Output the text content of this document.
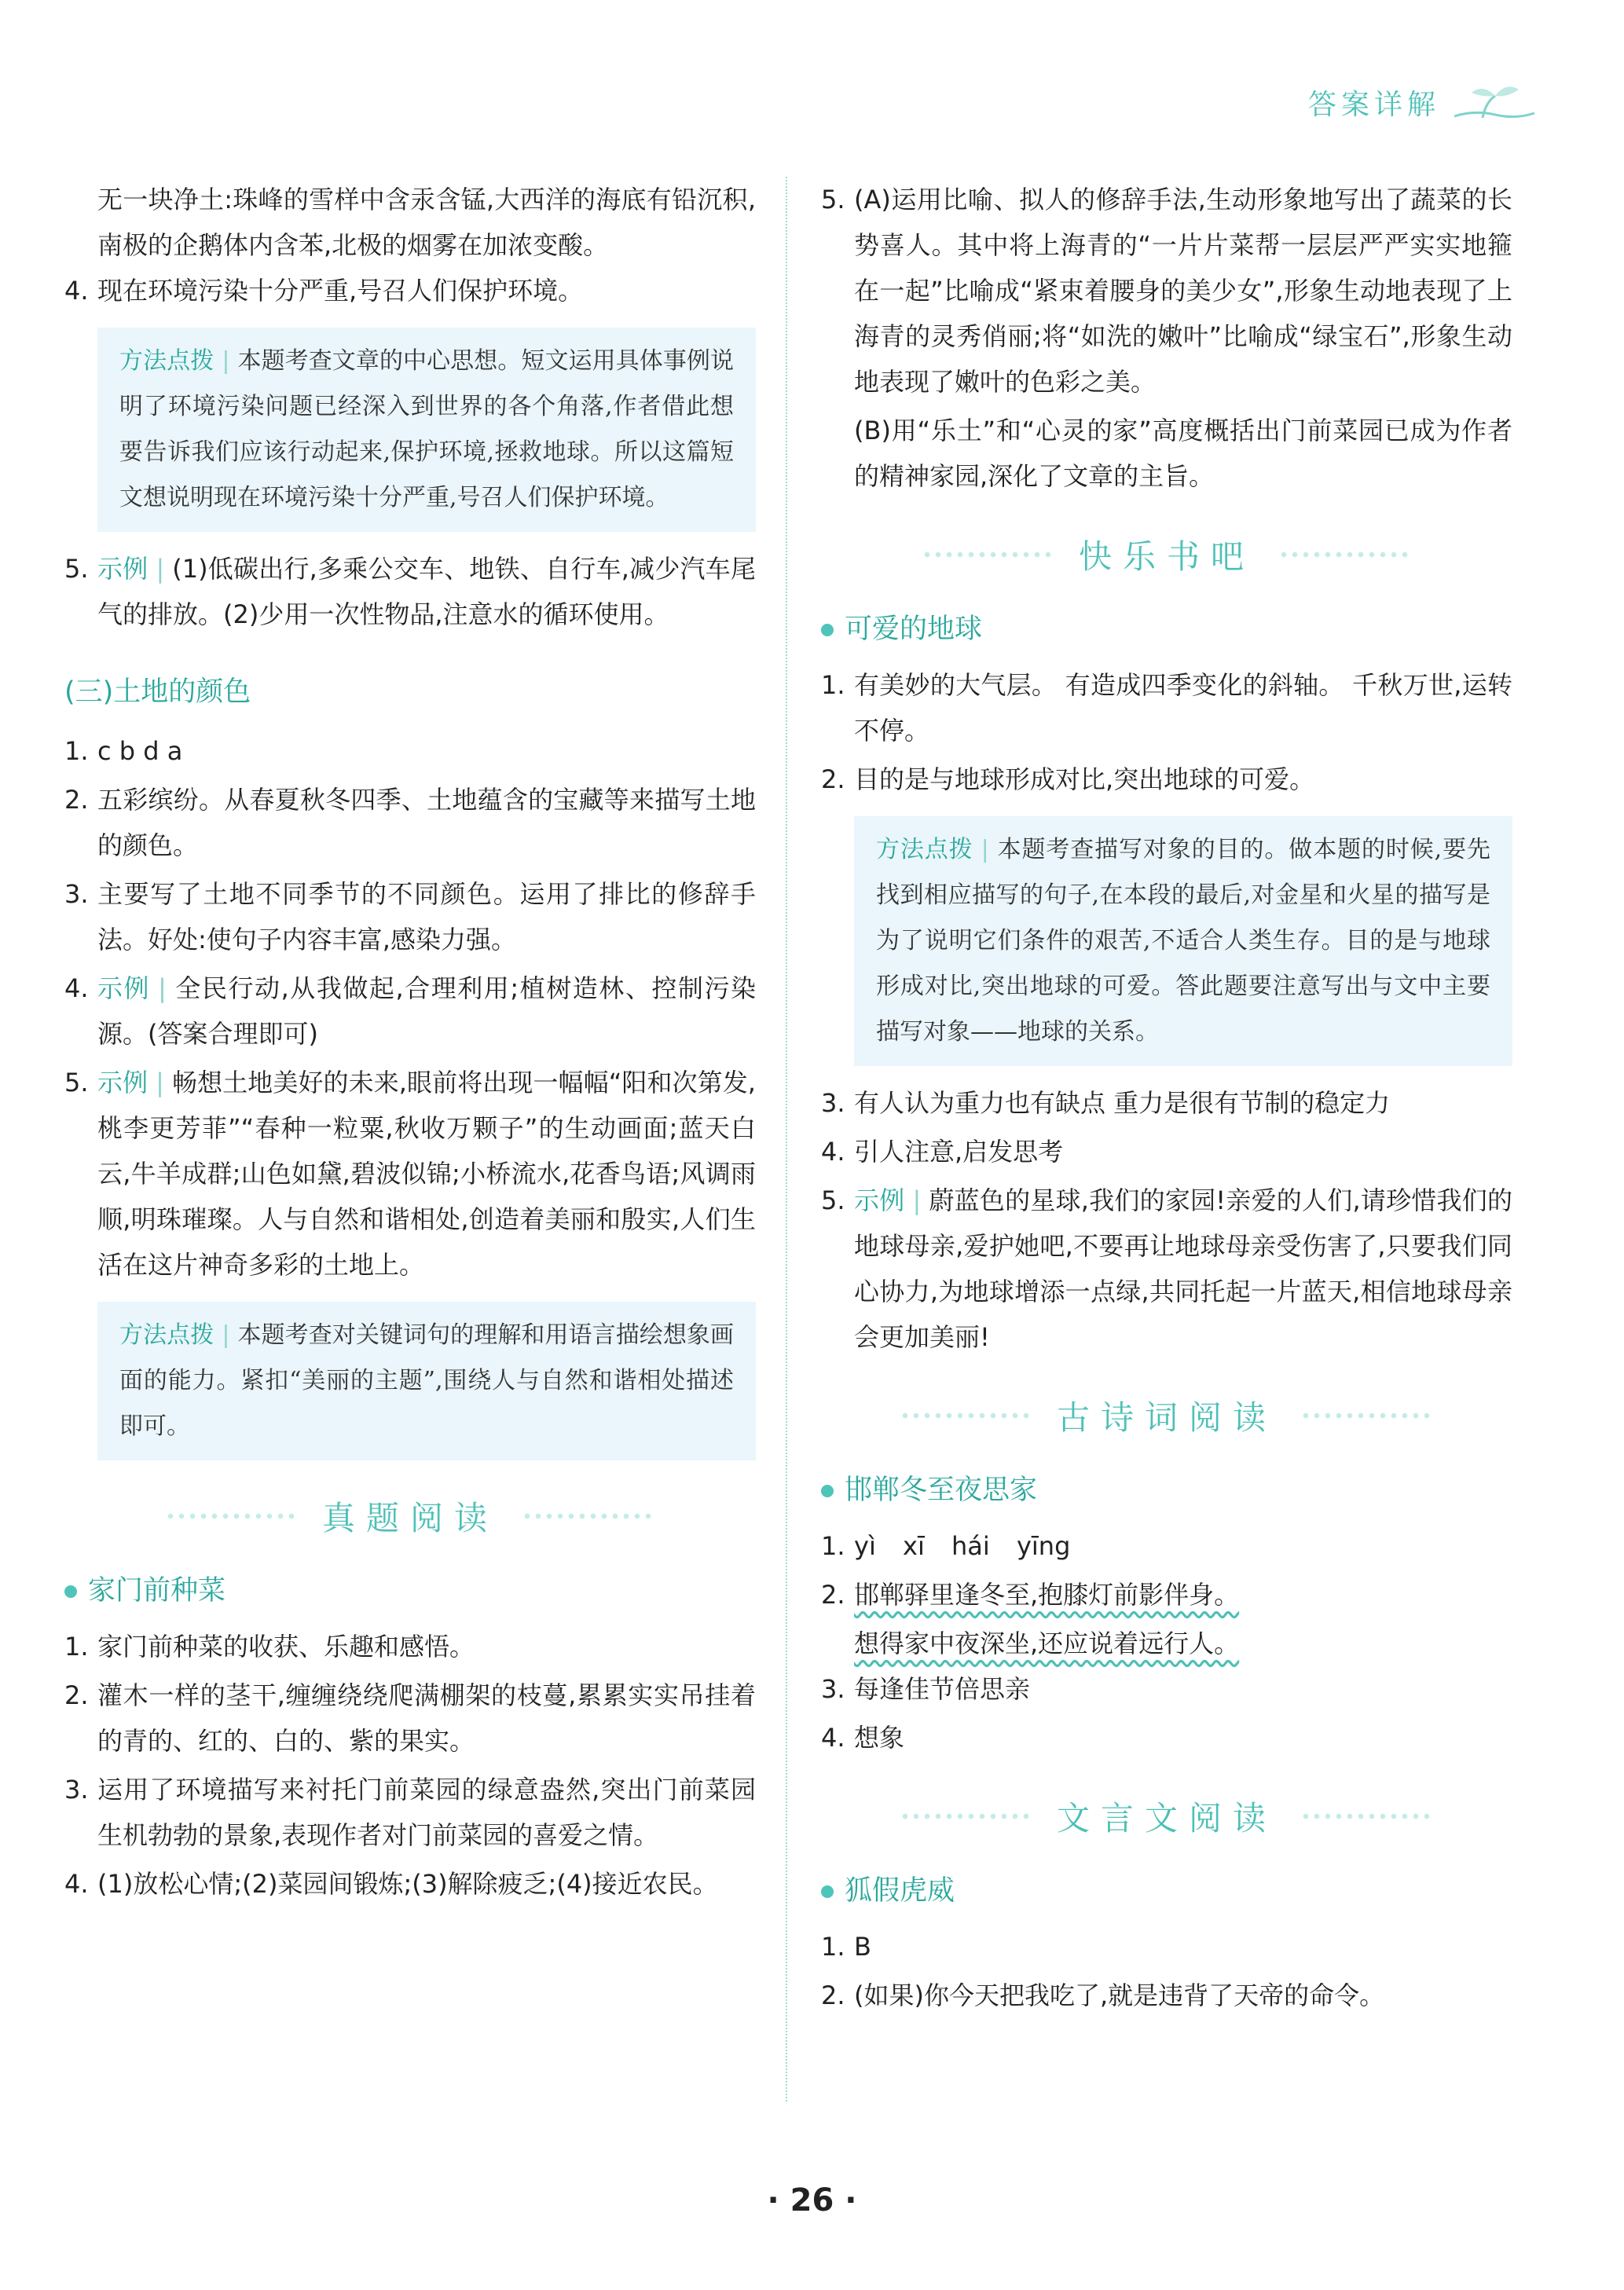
答案详解
无一块净土:珠峰的雪样中含汞含锰,大西洋的海底有铅沉积,南极的企鹅体内含苯,北极的烟雾在加浓变酸。
4. 现在环境污染十分严重,号召人们保护环境。
方法点拨 | 本题考查文章的中心思想。短文运用具体事例说明了环境污染问题已经深入到世界的各个角落,作者借此想要告诉我们应该行动起来,保护环境,拯救地球。所以这篇短文想说明现在环境污染十分严重,号召人们保护环境。
5. 示例 | (1)低碳出行,多乘公交车、地铁、自行车,减少汽车尾气的排放。(2)少用一次性物品,注意水的循环使用。
(三)土地的颜色
1. c b d a
2. 五彩缤纷。从春夏秋冬四季、土地蕴含的宝藏等来描写土地的颜色。
3. 主要写了土地不同季节的不同颜色。运用了排比的修辞手法。好处:使句子内容丰富,感染力强。
4. 示例 | 全民行动,从我做起,合理利用;植树造林、控制污染源。(答案合理即可)
5. 示例 | 畅想土地美好的未来,眼前将出现一幅幅“阳和次第发,桃李更芳菲”“春种一粒粟,秋收万颗子”的生动画面;蓝天白云,牛羊成群;山色如黛,碧波似锦;小桥流水,花香鸟语;风调雨顺,明珠璀璨。人与自然和谐相处,创造着美丽和殷实,人们生活在这片神奇多彩的土地上。
方法点拨 | 本题考查对关键词句的理解和用语言描绘想象画面的能力。紧扣“美丽的主题”,围绕人与自然和谐相处描述即可。
真题阅读
家门前种菜
1. 家门前种菜的收获、乐趣和感悟。
2. 灌木一样的茎干,缠缠绕绕爬满棚架的枝蔓,累累实实吊挂着的青的、红的、白的、紫的果实。
3. 运用了环境描写来衬托门前菜园的绿意盎然,突出门前菜园生机勃勃的景象,表现作者对门前菜园的喜爱之情。
4. (1)放松心情;(2)菜园间锻炼;(3)解除疲乏;(4)接近农民。
5. (A)运用比喻、拟人的修辞手法,生动形象地写出了蔬菜的长势喜人。其中将上海青的“一片片菜帮一层层严严实实地箍在一起”比喻成“紧束着腰身的美少女”,形象生动地表现了上海青的灵秀俏丽;将“如洗的嫩叶”比喻成“绿宝石”,形象生动地表现了嫩叶的色彩之美。
(B)用“乐土”和“心灵的家”高度概括出门前菜园已成为作者的精神家园,深化了文章的主旨。
快乐书吧
可爱的地球
1. 有美妙的大气层。 有造成四季变化的斜轴。 千秋万世,运转不停。
2. 目的是与地球形成对比,突出地球的可爱。
方法点拨 | 本题考查描写对象的目的。做本题的时候,要先找到相应描写的句子,在本段的最后,对金星和火星的描写是为了说明它们条件的艰苦,不适合人类生存。目的是与地球形成对比,突出地球的可爱。答此题要注意写出与文中主要描写对象——地球的关系。
3. 有人认为重力也有缺点 重力是很有节制的稳定力
4. 引人注意,启发思考
5. 示例 | 蔚蓝色的星球,我们的家园!亲爱的人们,请珍惜我们的地球母亲,爱护她吧,不要再让地球母亲受伤害了,只要我们同心协力,为地球增添一点绿,共同托起一片蓝天,相信地球母亲会更加美丽!
古诗词阅读
邯郸冬至夜思家
1. yì xī hái yīng
2. 邯郸驿里逢冬至,抱膝灯前影伴身。
想得家中夜深坐,还应说着远行人。
3. 每逢佳节倍思亲
4. 想象
文言文阅读
狐假虎威
1. B
2. (如果)你今天把我吃了,就是违背了天帝的命令。
· 26 ·
